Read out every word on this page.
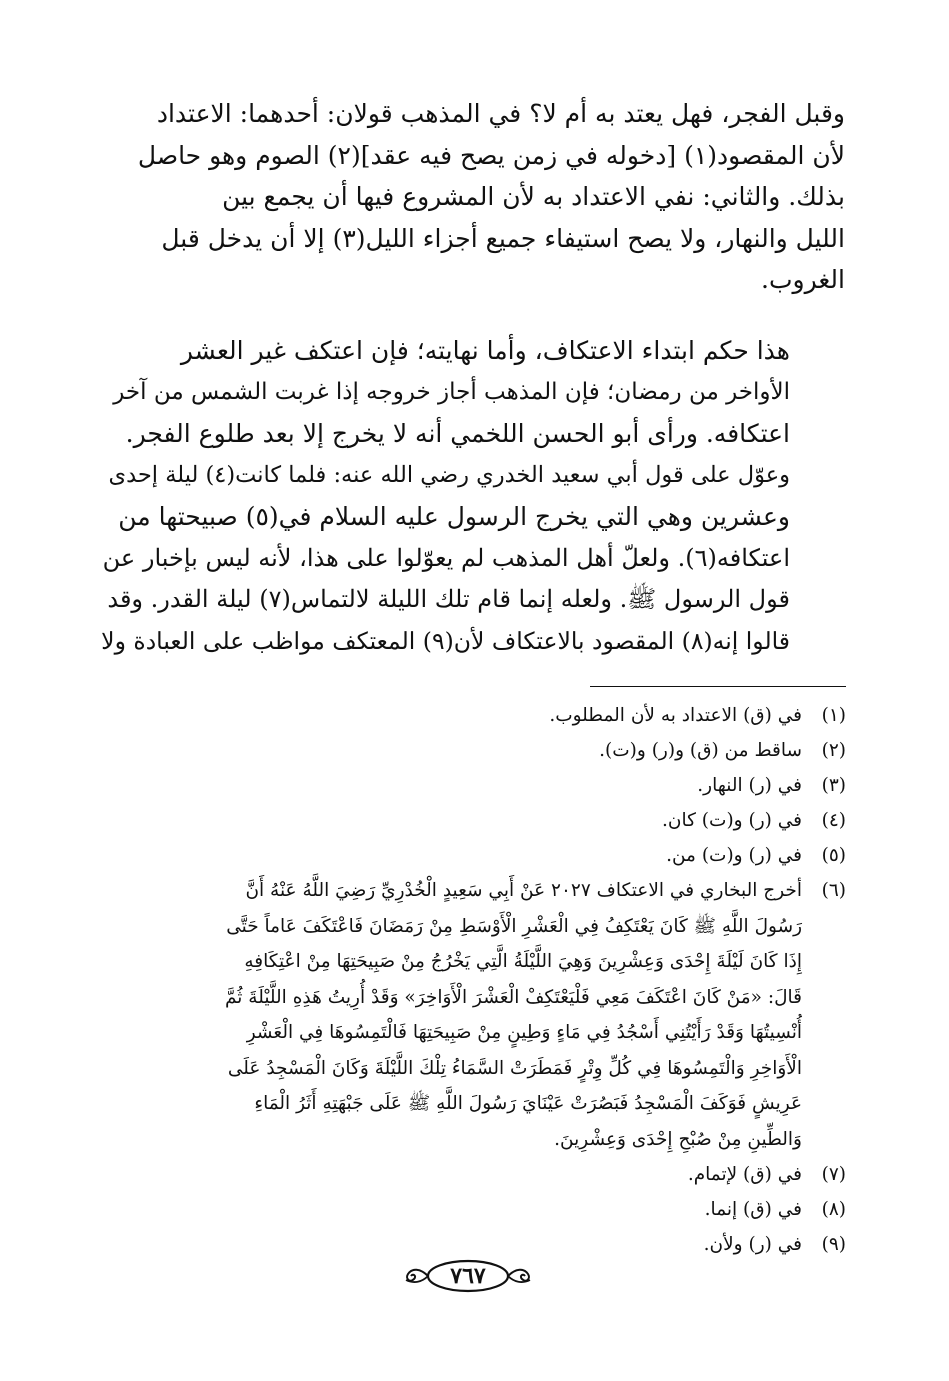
وقبل الفجر، فهل يعتد به أم لا؟ في المذهب قولان: أحدهما: الاعتداد
لأن المقصود(١) [دخوله في زمن يصح فيه عقد](٢) الصوم وهو حاصل
بذلك. والثاني: نفي الاعتداد به لأن المشروع فيها أن يجمع بين
الليل والنهار، ولا يصح استيفاء جميع أجزاء الليل(٣) إلا أن يدخل قبل
الغروب.
هذا حكم ابتداء الاعتكاف، وأما نهايته؛ فإن اعتكف غير العشر
الأواخر من رمضان؛ فإن المذهب أجاز خروجه إذا غربت الشمس من آخر
اعتكافه. ورأى أبو الحسن اللخمي أنه لا يخرج إلا بعد طلوع الفجر.
وعوّل على قول أبي سعيد الخدري رضي الله عنه: فلما كانت(٤) ليلة إحدى
وعشرين وهي التي يخرج الرسول عليه السلام في(٥) صبيحتها من
اعتكافه(٦). ولعلّ أهل المذهب لم يعوّلوا على هذا، لأنه ليس بإخبار عن
قول الرسول ﷺ. ولعله إنما قام تلك الليلة لالتماس(٧) ليلة القدر. وقد
قالوا إنه(٨) المقصود بالاعتكاف لأن(٩) المعتكف مواظب على العبادة ولا
(١)
في (ق) الاعتداد به لأن المطلوب.
(٢)
ساقط من (ق) و(ر) و(ت).
(٣)
في (ر) النهار.
(٤)
في (ر) و(ت) كان.
(٥)
في (ر) و(ت) من.
(٦)
أخرج البخاري في الاعتكاف ٢٠٢٧ عَنْ أَبِي سَعِيدٍ الْخُدْرِيِّ رَضِيَ اللَّهُ عَنْهُ أَنَّ
رَسُولَ اللَّهِ ﷺ كَانَ يَعْتَكِفُ فِي الْعَشْرِ الْأَوْسَطِ مِنْ رَمَضَانَ فَاعْتَكَفَ عَاماً حَتَّى
إِذَا كَانَ لَيْلَةَ إِحْدَى وَعِشْرِينَ وَهِيَ اللَّيْلَةُ الَّتِي يَخْرُجُ مِنْ صَبِيحَتِهَا مِنْ اعْتِكَافِهِ
قَالَ: «مَنْ كَانَ اعْتَكَفَ مَعِي فَلْيَعْتَكِفْ الْعَشْرَ الْأَوَاخِرَ» وَقَدْ أُرِيتُ هَذِهِ اللَّيْلَةَ ثُمَّ
أُنْسِيتُهَا وَقَدْ رَأَيْتُنِي أَسْجُدُ فِي مَاءٍ وَطِينٍ مِنْ صَبِيحَتِهَا فَالْتَمِسُوهَا فِي الْعَشْرِ
الْأَوَاخِرِ وَالْتَمِسُوهَا فِي كُلِّ وِتْرٍ فَمَطَرَتْ السَّمَاءُ تِلْكَ اللَّيْلَةَ وَكَانَ الْمَسْجِدُ عَلَى
عَرِيشٍ فَوَكَفَ الْمَسْجِدُ فَبَصُرَتْ عَيْنَايَ رَسُولَ اللَّهِ ﷺ عَلَى جَبْهَتِهِ أَثَرُ الْمَاءِ
وَالطِّينِ مِنْ صُبْحِ إِحْدَى وَعِشْرِينَ.
(٧)
في (ق) لإتمام.
(٨)
في (ق) إنما.
(٩)
في (ر) ولأن.
٧٦٧
